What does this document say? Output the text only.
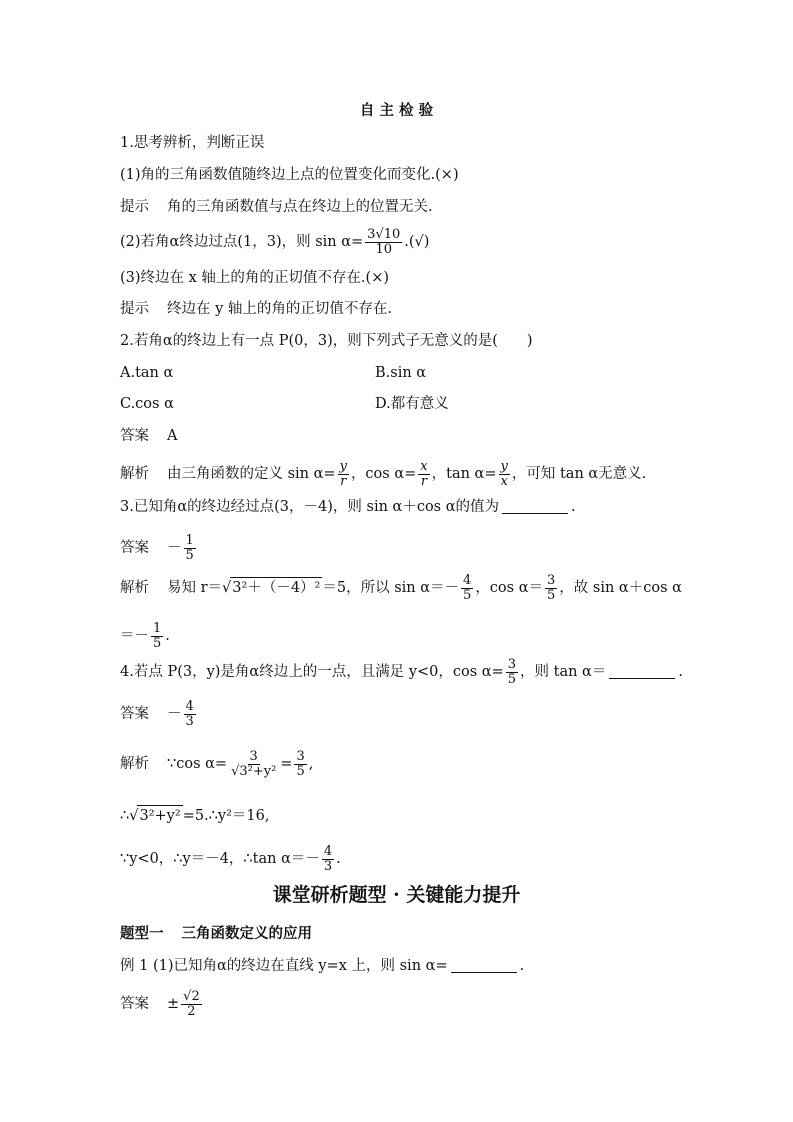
自 主 检 验
1.思考辨析，判断正误
(1)角的三角函数值随终边上点的位置变化而变化.(×)
提示 角的三角函数值与点在终边上的位置无关.
(2)若角α终边过点(1，3)，则 $\sin \alpha= \frac{3√10}{10}$ .(√)
(3)终边在 x 轴上的角的正切值不存在.(×)
提示 终边在 y 轴上的角的正切值不存在.
2.若角α的终边上有一点 P(0，3)，则下列式子无意义的是(　　)
A.tan α	B.sin α
C.cos α	D.都有意义
答案 A
解析 由三角函数的定义 $\sin \alpha= \frac{y}{r}$ ，$\cos \alpha= \frac{x}{r}$ ，$\tan \alpha= \frac{y}{x}$ ，可知 tan α无意义.
3.已知角α的终边经过点(3，－4)，则 sin α＋cos α的值为	.
答案 － $\frac{1}{5}$
解析 易知 r＝√3²＋（－4）² ＝5，所以 $\sin \alpha=- \frac{4}{5}$ ，$\cos \alpha= \frac{3}{5}$ ，故 sin α＋cos α
＝－ $\frac{1}{5}$ .
4.若点 P(3，y)是角α终边上的一点，且满足 y<0，$\cos \alpha= \frac{3}{5}$ ，则 tan α＝	.
答案 － $\frac{4}{3}$
解析 ∵cos $\alpha= \frac{3}{\text{√3²+y²}} = \frac{3}{5}$ ,
∴√3²+y² =5.∴y²＝16,
∵y<0，∴y＝－4，∴tan $\alpha=- \frac{4}{3}$ .
课堂研析题型 · 关键能力提升
题型一 三角函数定义的应用
例 1 (1)已知角α的终边在直线 y=x 上，则 sin α=	.
答案 ± $\frac{√2}{2}$
